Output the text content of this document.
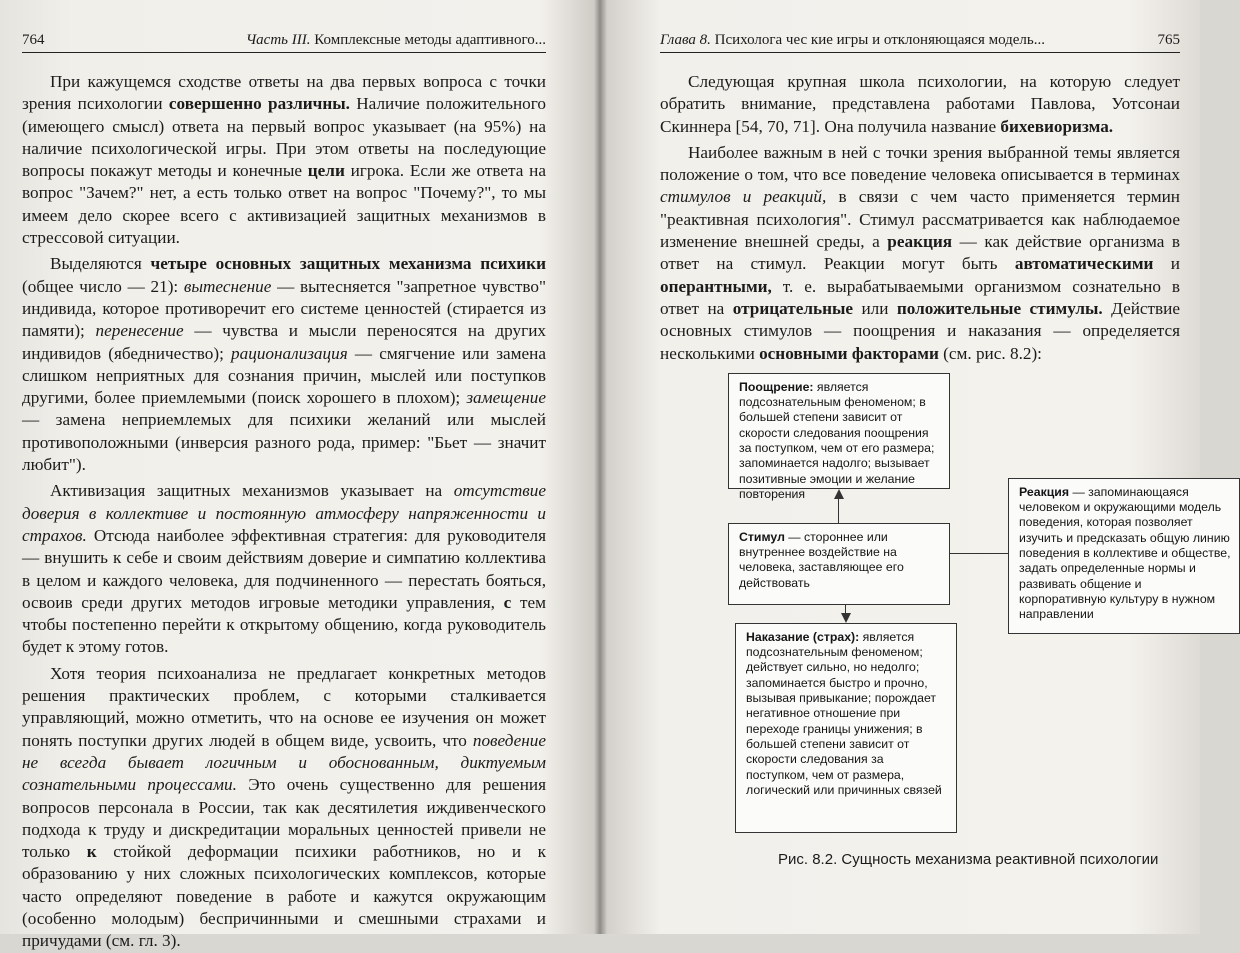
764	Часть III. Комплексные методы адаптивного...

При кажущемся сходстве ответы на два первых вопроса с точки зрения психологии совершенно различны. Наличие положительного (имеющего смысл) ответа на первый вопрос указывает (на 95%) на наличие психологической игры. При этом ответы на последующие вопросы покажут методы и конечные цели игрока. Если же ответа на вопрос "Зачем?" нет, а есть только ответ на вопрос "Почему?", то мы имеем дело скорее всего с активизацией защитных механизмов в стрессовой ситуации.

Выделяются четыре основных защитных механизма психики (общее число — 21): вытеснение — вытесняется "запретное чувство" индивида, которое противоречит его системе ценностей (стирается из памяти); перенесение — чувства и мысли переносятся на других индивидов (ябедничество); рационализация — смягчение или замена слишком неприятных для сознания причин, мыслей или поступков другими, более приемлемыми (поиск хорошего в плохом); замещение — замена неприемлемых для психики желаний или мыслей противоположными (инверсия разного рода, пример: "Бьет — значит любит").

Активизация защитных механизмов указывает на отсутствие доверия в коллективе и постоянную атмосферу напряженности и страхов. Отсюда наиболее эффективная стратегия: для руководителя — внушить к себе и своим действиям доверие и симпатию коллектива в целом и каждого человека, для подчиненного — перестать бояться, освоив среди других методов игровые методики управления, с тем чтобы постепенно перейти к открытому общению, когда руководитель будет к этому готов.

Хотя теория психоанализа не предлагает конкретных методов решения практических проблем, с которыми сталкивается управляющий, можно отметить, что на основе ее изучения он может понять поступки других людей в общем виде, усвоить, что поведение не всегда бывает логичным и обоснованным, диктуемым сознательными процессами. Это очень существенно для решения вопросов персонала в России, так как десятилетия иждивенческого подхода к труду и дискредитации моральных ценностей привели не только к стойкой деформации психики работников, но и к образованию у них сложных психологических комплексов, которые часто определяют поведение в работе и кажутся окружающим (особенно молодым) беспричинными и смешными страхами и причудами (см. гл. 3).

Глава 8. Психолога чес кие игры и отклоняющаяся модель...	765

Следующая крупная школа психологии, на которую следует обратить внимание, представлена работами Павлова, Уотсонаи Скиннера [54, 70, 71]. Она получила название бихевиоризма.

Наиболее важным в ней с точки зрения выбранной темы является положение о том, что все поведение человека описывается в терминах стимулов и реакций, в связи с чем часто применяется термин "реактивная психология". Стимул рассматривается как наблюдаемое изменение внешней среды, а реакция — как действие организма в ответ на стимул. Реакции могут быть автоматическими и оперантными, т. е. вырабатываемыми организмом сознательно в ответ на отрицательные или положительные стимулы. Действие основных стимулов — поощрения и наказания — определяется несколькими основными факторами (см. рис. 8.2):

Поощрение: является подсознательным феноменом; в большей степени зависит от скорости следования поощрения за поступком, чем от его размера; запоминается надолго; вызывает позитивные эмоции и желание повторения
Стимул — стороннее или внутреннее воздействие на человека, заставляющее его действовать
Реакция — запоминающаяся человеком и окружающими модель поведения, которая позволяет изучить и предсказать общую линию поведения в коллективе и обществе, задать определенные нормы и развивать общение и корпоративную культуру в нужном направлении
Наказание (страх): является подсознательным феноменом; действует сильно, но недолго; запоминается быстро и прочно, вызывая привыкание; порождает негативное отношение при переходе границы унижения; в большей степени зависит от скорости следования за поступком, чем от размера, логический или причинных связей
Рис. 8.2. Сущность механизма реактивной психологии
